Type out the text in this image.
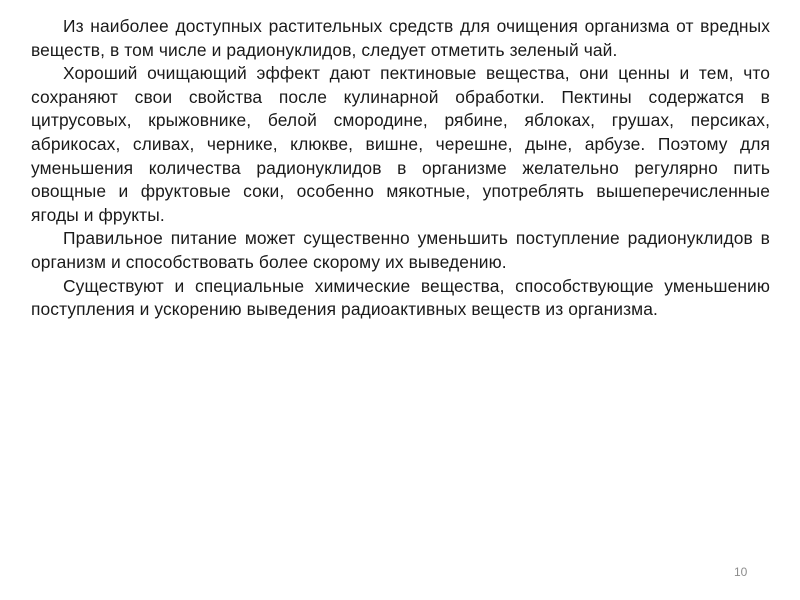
Из наиболее доступных растительных средств для очищения организма от вредных веществ, в том числе и радионуклидов, следует отметить зеленый чай.

Хороший очищающий эффект дают пектиновые вещества, они ценны и тем, что сохраняют свои свойства после кулинарной обработки. Пектины содержатся в цитрусовых, крыжовнике, белой смородине, рябине, яблоках, грушах, персиках, абрикосах, сливах, чернике, клюкве, вишне, черешне, дыне, арбузе. Поэтому для уменьшения количества радионуклидов в организме желательно регулярно пить овощные и фруктовые соки, особенно мякотные, употреблять вышеперечисленные ягоды и фрукты.

Правильное питание может существенно уменьшить поступление радионуклидов в организм и способствовать более скорому их выведению.

Существуют и специальные химические вещества, способствующие уменьшению поступления и ускорению выведения радиоактивных веществ из организма.

10
